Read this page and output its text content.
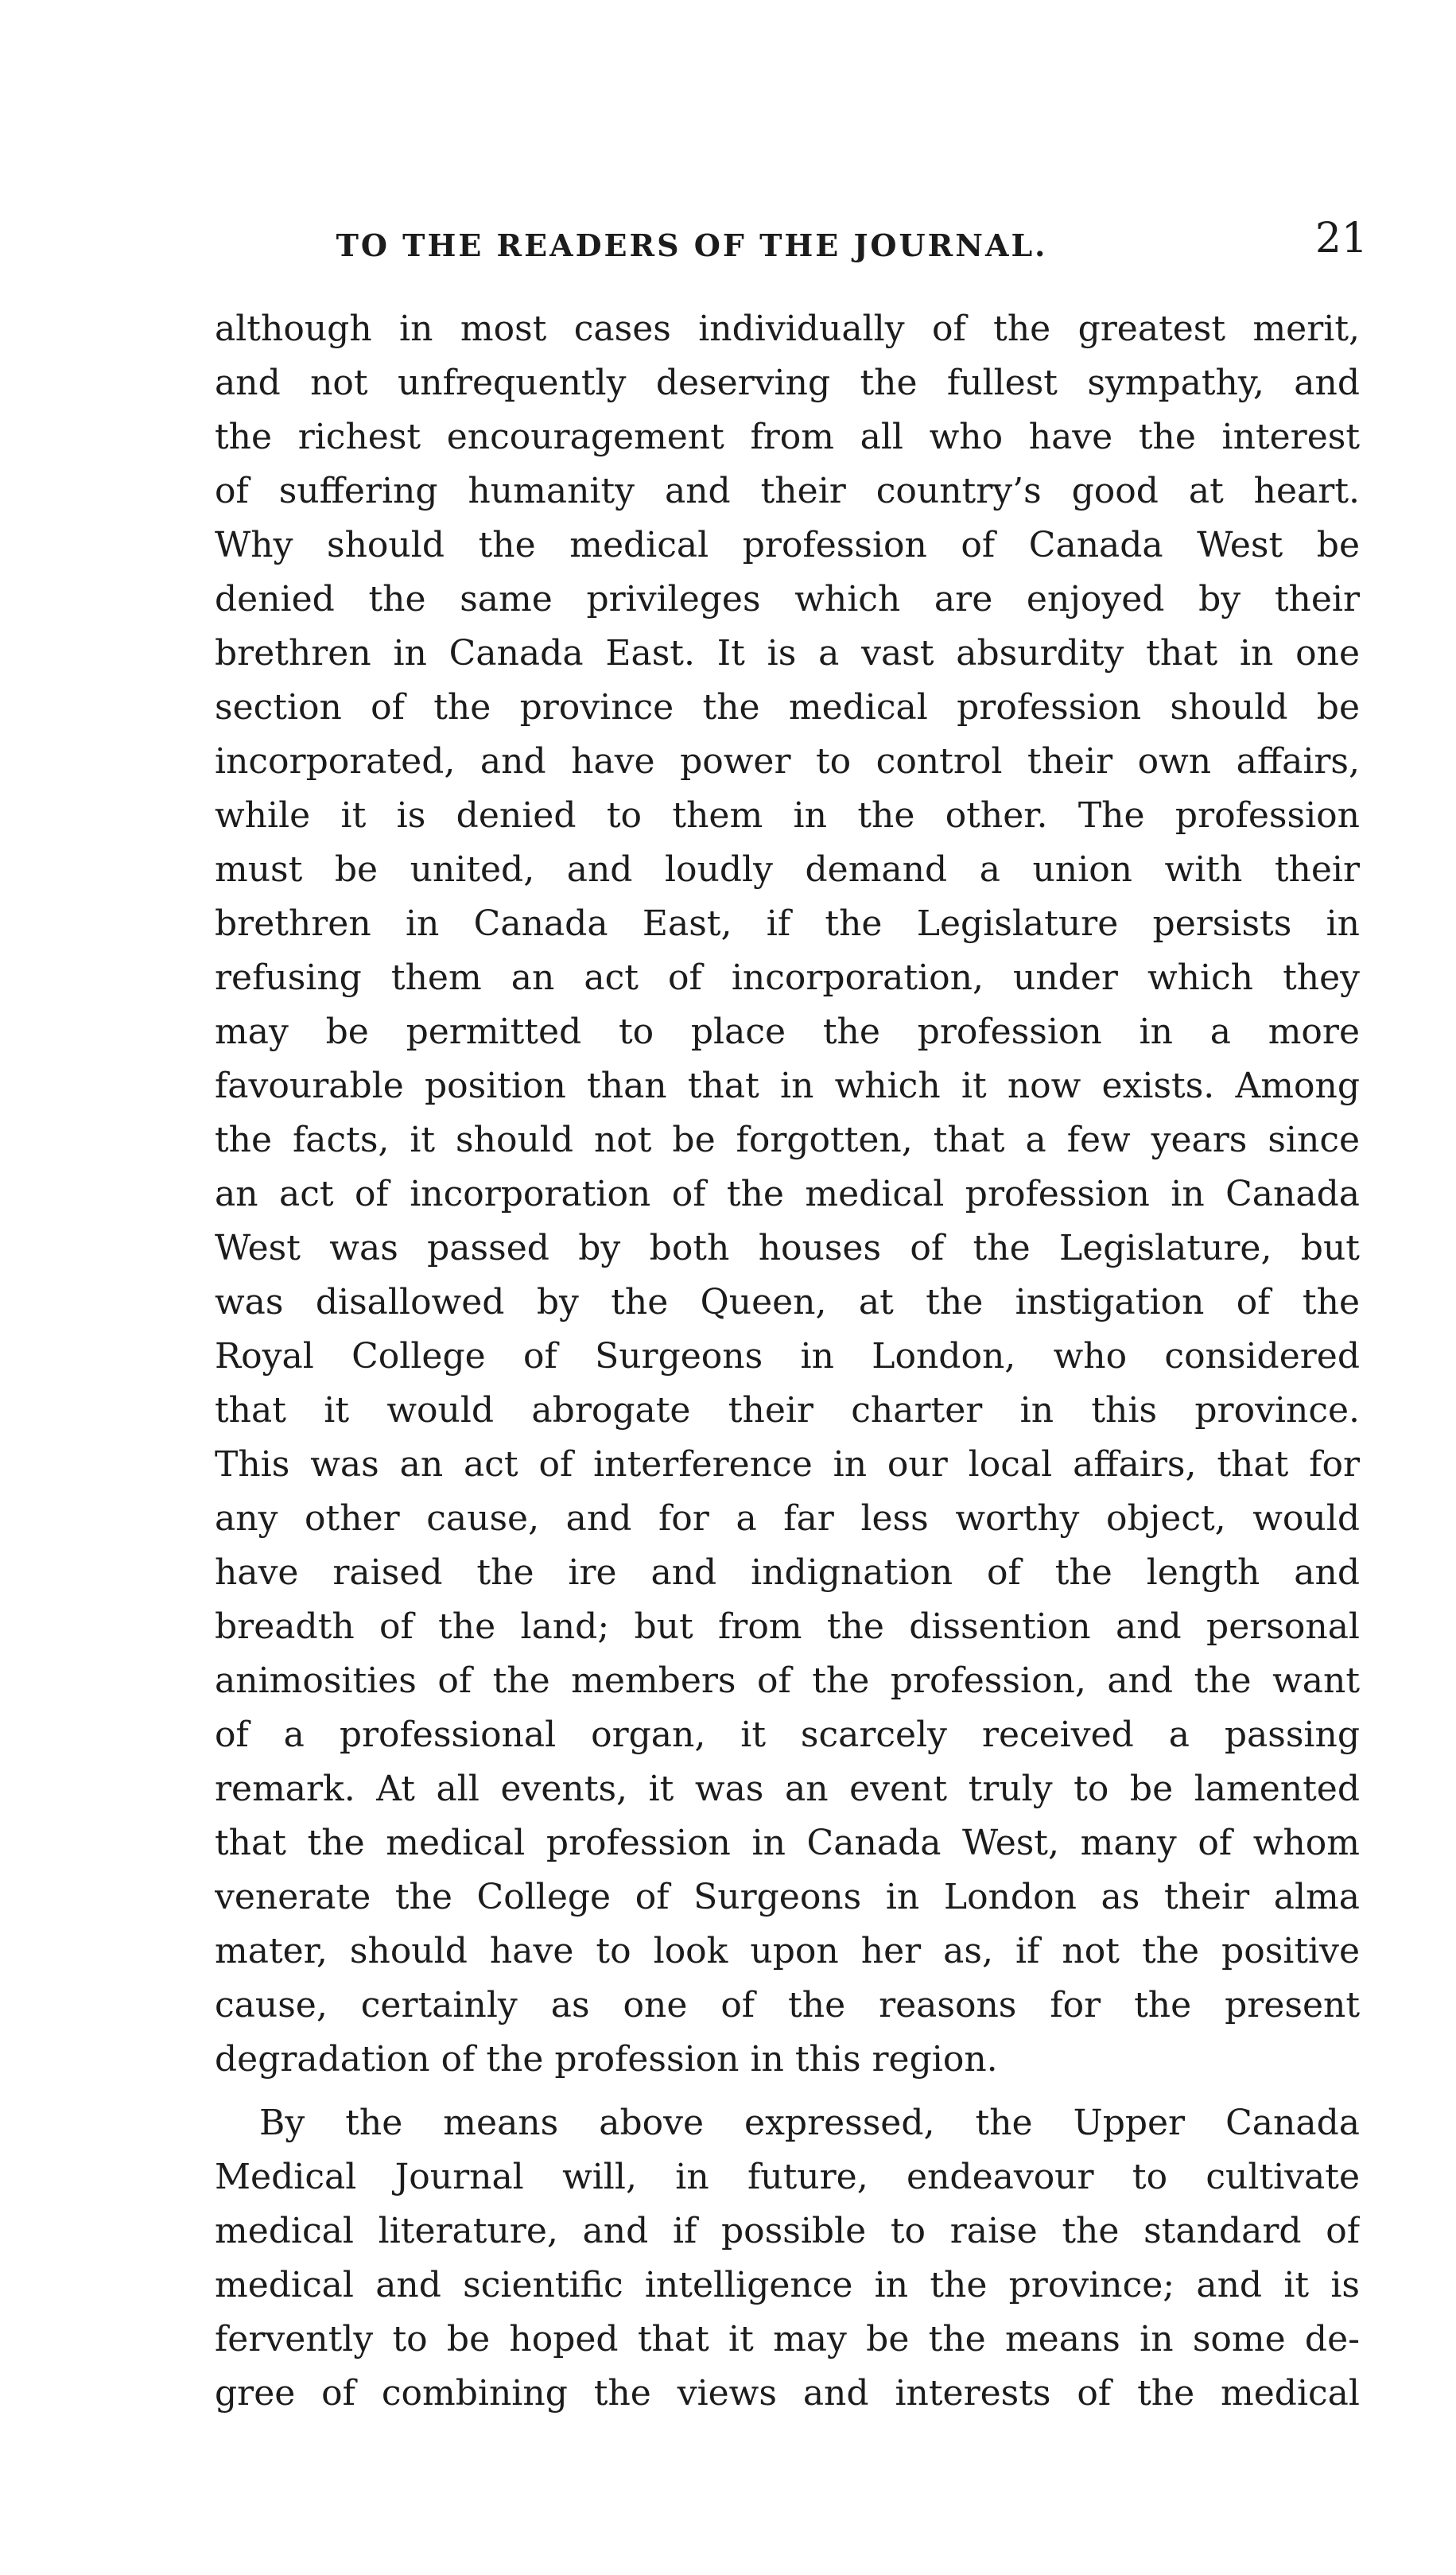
TO THE READERS OF THE JOURNAL.	21
although in most cases individually of the greatest merit,
and not unfrequently deserving the fullest sympathy, and
the richest encouragement from all who have the interest
of suffering humanity and their country’s good at heart.
Why should the medical profession of Canada West be
denied the same privileges which are enjoyed by their
brethren in Canada East. It is a vast absurdity that in one
section of the province the medical profession should be
incorporated, and have power to control their own affairs,
while it is denied to them in the other. The profession
must be united, and loudly demand a union with their
brethren in Canada East, if the Legislature persists in
refusing them an act of incorporation, under which they
may be permitted to place the profession in a more
favourable position than that in which it now exists. Among
the facts, it should not be forgotten, that a few years since
an act of incorporation of the medical profession in Canada
West was passed by both houses of the Legislature, but
was disallowed by the Queen, at the instigation of the
Royal College of Surgeons in London, who considered
that it would abrogate their charter in this province.
This was an act of interference in our local affairs, that for
any other cause, and for a far less worthy object, would
have raised the ire and indignation of the length and
breadth of the land; but from the dissention and personal
animosities of the members of the profession, and the want
of a professional organ, it scarcely received a passing
remark. At all events, it was an event truly to be lamented
that the medical profession in Canada West, many of whom
venerate the College of Surgeons in London as their alma
mater, should have to look upon her as, if not the positive
cause, certainly as one of the reasons for the present
degradation of the profession in this region.
By the means above expressed, the Upper Canada
Medical Journal will, in future, endeavour to cultivate
medical literature, and if possible to raise the standard of
medical and scientific intelligence in the province; and it is
fervently to be hoped that it may be the means in some de-
gree of combining the views and interests of the medical
